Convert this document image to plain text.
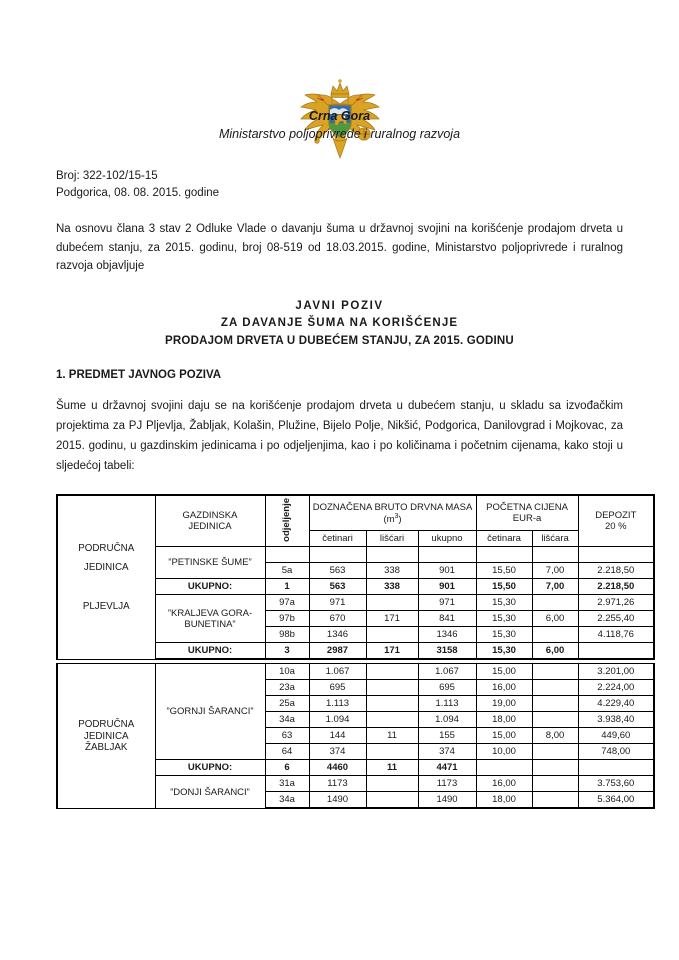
Crna Gora
Ministarstvo poljoprivrede i ruralnog razvoja
Broj: 322-102/15-15
Podgorica, 08. 08. 2015. godine

Na osnovu člana 3 stav 2 Odluke Vlade o davanju šuma u državnoj svojini na korišćenje prodajom drveta u dubećem stanju, za 2015. godinu, broj 08-519 od 18.03.2015. godine, Ministarstvo poljoprivrede i ruralnog razvoja objavljuje

JAVNI POZIV
ZA DAVANJE ŠUMA NA KORIŠĆENJE
PRODAJOM DRVETA U DUBEĆEM STANJU, ZA 2015. GODINU
1. PREDMET JAVNOG POZIVA

Šume u državnoj svojini daju se na korišćenje prodajom drveta u dubećem stanju, u skladu sa izvođačkim projektima za PJ Pljevlja, Žabljak, Kolašin, Plužine, Bijelo Polje, Nikšić, Podgorica, Danilovgrad i Mojkovac, za 2015. godinu, u gazdinskim jedinicama i po odjeljenjima, kao i po količinama i početnim cijenama, kako stoji u sljedećoj tabeli:

PODRUČNA
JEDINICA

PLJEVLJA	GAZDINSKA
JEDINICA	odjeljenje	DOZNAČENA BRUTO DRVNA MASA $(m^3)$			POČETNA CIJENA
EUR-a		DEPOZIT
20 %
			četinari	lišćari	ukupno	četinara	lišćara	
	”PETINSKE ŠUME”							
		5a	563	338	901	15,50	7,00	2.218,50
	UKUPNO:	1	563	338	901	15,50	7,00	2.218,50
	”KRALJEVA GORA-
BUNETINA”	97a	971		971	15,30		2.971,26
		97b	670	171	841	15,30	6,00	2.255,40
		98b	1346		1346	15,30		4.118,76
	UKUPNO:	3	2987	171	3158	15,30	6,00	

PODRUČNA
JEDINICA
ŽABLJAK	”GORNJI ŠARANCI”	10a	1.067		1.067	15,00		3.201,00
		23a	695		695	16,00		2.224,00
		25a	1.113		1.113	19,00		4.229,40
		34a	1.094		1.094	18,00		3.938,40
		63	144	11	155	15,00	8,00	449,60
		64	374		374	10,00		748,00
	UKUPNO:	6	4460	11	4471			
	”DONJI ŠARANCI”	31a	1173		1173	16,00		3.753,60
		34a	1490		1490	18,00		5.364,00
